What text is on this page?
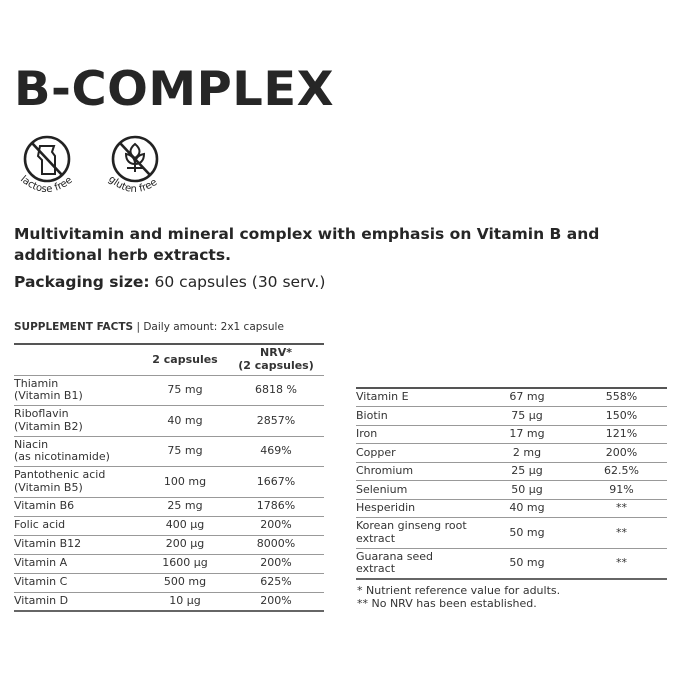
B-COMPLEX
lactose free	gluten free
Multivitamin and mineral complex with emphasis on Vitamin B and additional herb extracts.
Packaging size: 60 capsules (30 serv.)
SUPPLEMENT FACTS | Daily amount: 2x1 capsule
	2 capsules	NRV*
(2 capsules)
Thiamin
(Vitamin B1)	75 mg	6818 %
Riboflavin
(Vitamin B2)	40 mg	2857%
Niacin
(as nicotinamide)	75 mg	469%
Pantothenic acid
(Vitamin B5)	100 mg	1667%
Vitamin B6	25 mg	1786%
Folic acid	400 µg	200%
Vitamin B12	200 µg	8000%
Vitamin A	1600 µg	200%
Vitamin C	500 mg	625%
Vitamin D	10 µg	200%
Vitamin E	67 mg	558%
Biotin	75 µg	150%
Iron	17 mg	121%
Copper	2 mg	200%
Chromium	25 µg	62.5%
Selenium	50 µg	91%
Hesperidin	40 mg	**
Korean ginseng root
extract	50 mg	**
Guarana seed
extract	50 mg	**
* Nutrient reference value for adults.
** No NRV has been established.
